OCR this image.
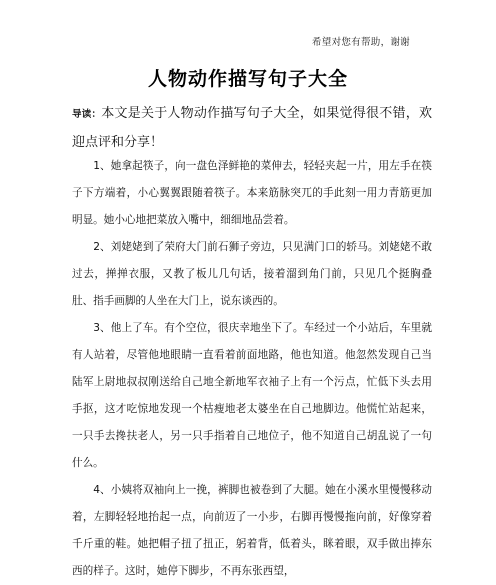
希望对您有帮助，谢谢
人物动作描写句子大全
导读：本文是关于人物动作描写句子大全，如果觉得很不错，欢迎点评和分享！

1、她拿起筷子，向一盘色泽鲜艳的菜伸去，轻轻夹起一片，用左手在筷子下方端着，小心翼翼跟随着筷子。本来筋脉突兀的手此刻一用力青筋更加明显。她小心地把菜放入嘴中，细细地品尝着。

2、刘姥姥到了荣府大门前石狮子旁边，只见满门口的轿马。刘姥姥不敢过去，掸掸衣服，又教了板儿几句话，接着溜到角门前，只见几个挺胸叠肚、指手画脚的人坐在大门上，说东谈西的。

3、他上了车。有个空位，很庆幸地坐下了。车经过一个小站后，车里就有人站着，尽管他地眼睛一直看着前面地路，他也知道。他忽然发现自己当陆军上尉地叔叔刚送给自己地全新地军衣袖子上有一个污点，忙低下头去用手抠，这才吃惊地发现一个枯瘦地老太婆坐在自己地脚边。他慌忙站起来，一只手去搀扶老人，另一只手指着自己地位子，他不知道自己胡乱说了一句什么。

4、小姨将双袖向上一挽，裤脚也被卷到了大腿。她在小溪水里慢慢移动着，左脚轻轻地抬起一点，向前迈了一小步，右脚再慢慢拖向前，好像穿着千斤重的鞋。她把帽子扭了扭正，躬着背，低着头，眯着眼，双手做出捧东西的样子。这时，她停下脚步，不再东张西望，
